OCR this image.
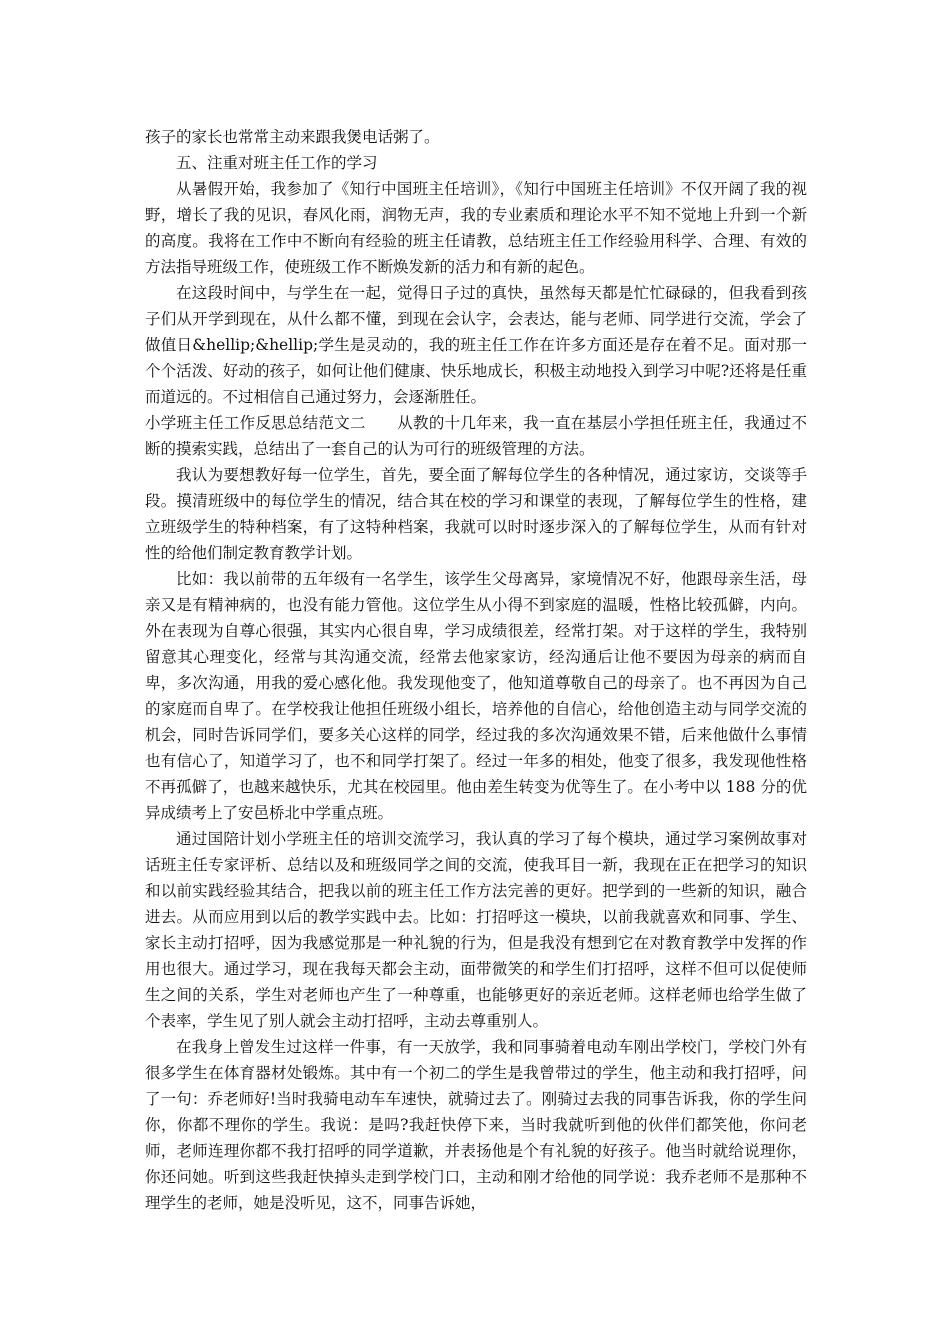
孩子的家长也常常主动来跟我煲电话粥了。

五、注重对班主任工作的学习

从暑假开始，我参加了《知行中国班主任培训》，《知行中国班主任培训》不仅开阔了我的视野，增长了我的见识，春风化雨，润物无声，我的专业素质和理论水平不知不觉地上升到一个新的高度。我将在工作中不断向有经验的班主任请教，总结班主任工作经验用科学、合理、有效的方法指导班级工作，使班级工作不断焕发新的活力和有新的起色。

在这段时间中，与学生在一起，觉得日子过的真快，虽然每天都是忙忙碌碌的，但我看到孩子们从开学到现在，从什么都不懂，到现在会认字，会表达，能与老师、同学进行交流，学会了做值日&hellip;&hellip;学生是灵动的，我的班主任工作在许多方面还是存在着不足。面对那一个个活泼、好动的孩子，如何让他们健康、快乐地成长，积极主动地投入到学习中呢?还将是任重而道远的。不过相信自己通过努力，会逐渐胜任。

小学班主任工作反思总结范文二　　从教的十几年来，我一直在基层小学担任班主任，我通过不断的摸索实践，总结出了一套自己的认为可行的班级管理的方法。

我认为要想教好每一位学生，首先，要全面了解每位学生的各种情况，通过家访，交谈等手段。摸清班级中的每位学生的情况，结合其在校的学习和课堂的表现，了解每位学生的性格，建立班级学生的特种档案，有了这特种档案，我就可以时时逐步深入的了解每位学生，从而有针对性的给他们制定教育教学计划。

比如：我以前带的五年级有一名学生，该学生父母离异，家境情况不好，他跟母亲生活，母亲又是有精神病的，也没有能力管他。这位学生从小得不到家庭的温暖，性格比较孤僻，内向。外在表现为自尊心很强，其实内心很自卑，学习成绩很差，经常打架。对于这样的学生，我特别留意其心理变化，经常与其沟通交流，经常去他家家访，经沟通后让他不要因为母亲的病而自卑，多次沟通，用我的爱心感化他。我发现他变了，他知道尊敬自己的母亲了。也不再因为自己的家庭而自卑了。在学校我让他担任班级小组长，培养他的自信心，给他创造主动与同学交流的机会，同时告诉同学们，要多关心这样的同学，经过我的多次沟通效果不错，后来他做什么事情也有信心了，知道学习了，也不和同学打架了。经过一年多的相处，他变了很多，我发现他性格不再孤僻了，也越来越快乐，尤其在校园里。他由差生转变为优等生了。在小考中以 188 分的优异成绩考上了安邑桥北中学重点班。

通过国陪计划小学班主任的培训交流学习，我认真的学习了每个模块，通过学习案例故事对话班主任专家评析、总结以及和班级同学之间的交流，使我耳目一新，我现在正在把学习的知识和以前实践经验其结合，把我以前的班主任工作方法完善的更好。把学到的一些新的知识，融合进去。从而应用到以后的教学实践中去。比如：打招呼这一模块，以前我就喜欢和同事、学生、家长主动打招呼，因为我感觉那是一种礼貌的行为，但是我没有想到它在对教育教学中发挥的作用也很大。通过学习，现在我每天都会主动，面带微笑的和学生们打招呼，这样不但可以促使师生之间的关系，学生对老师也产生了一种尊重，也能够更好的亲近老师。这样老师也给学生做了个表率，学生见了别人就会主动打招呼，主动去尊重别人。

在我身上曾发生过这样一件事，有一天放学，我和同事骑着电动车刚出学校门，学校门外有很多学生在体育器材处锻炼。其中有一个初二的学生是我曾带过的学生，他主动和我打招呼，问了一句：乔老师好!当时我骑电动车车速快，就骑过去了。刚骑过去我的同事告诉我，你的学生问你，你都不理你的学生。我说：是吗?我赶快停下来，当时我就听到他的伙伴们都笑他，你问老师，老师连理你都不我打招呼的同学道歉，并表扬他是个有礼貌的好孩子。他当时就给说理你，你还问她。听到这些我赶快掉头走到学校门口，主动和刚才给他的同学说：我乔老师不是那种不理学生的老师，她是没听见，这不，同事告诉她，
